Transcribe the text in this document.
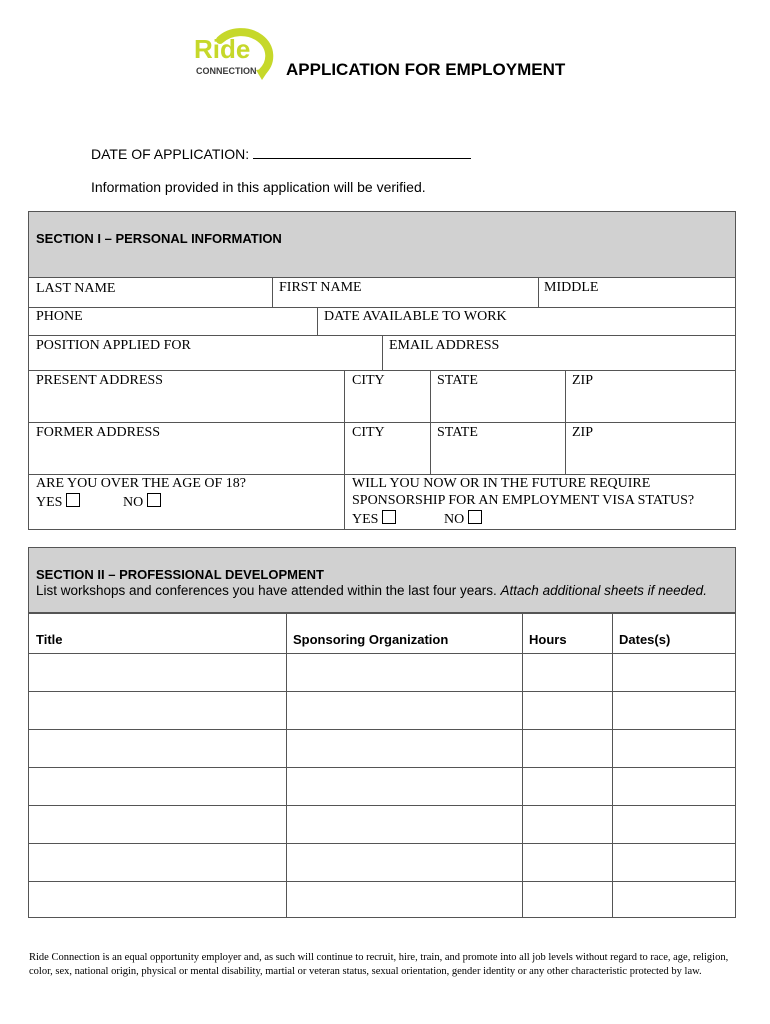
Ride
CONNECTION APPLICATION FOR EMPLOYMENT
DATE OF APPLICATION:
Information provided in this application will be verified.
SECTION I – PERSONAL INFORMATION
LAST NAME	FIRST NAME	MIDDLE
PHONE	DATE AVAILABLE TO WORK
POSITION APPLIED FOR	EMAIL ADDRESS
PRESENT ADDRESS	CITY	STATE	ZIP
FORMER ADDRESS	CITY	STATE	ZIP
ARE YOU OVER THE AGE OF 18?
YES	NO
WILL YOU NOW OR IN THE FUTURE REQUIRE
SPONSORSHIP FOR AN EMPLOYMENT VISA STATUS?
YES	NO
SECTION II – PROFESSIONAL DEVELOPMENT
List workshops and conferences you have attended within the last four years. Attach additional sheets if needed.
Title	Sponsoring Organization	Hours	Dates(s)
Ride Connection is an equal opportunity employer and, as such will continue to recruit, hire, train, and promote into all job levels without regard to race, age, religion, color, sex, national origin, physical or mental disability, martial or veteran status, sexual orientation, gender identity or any other characteristic protected by law.
